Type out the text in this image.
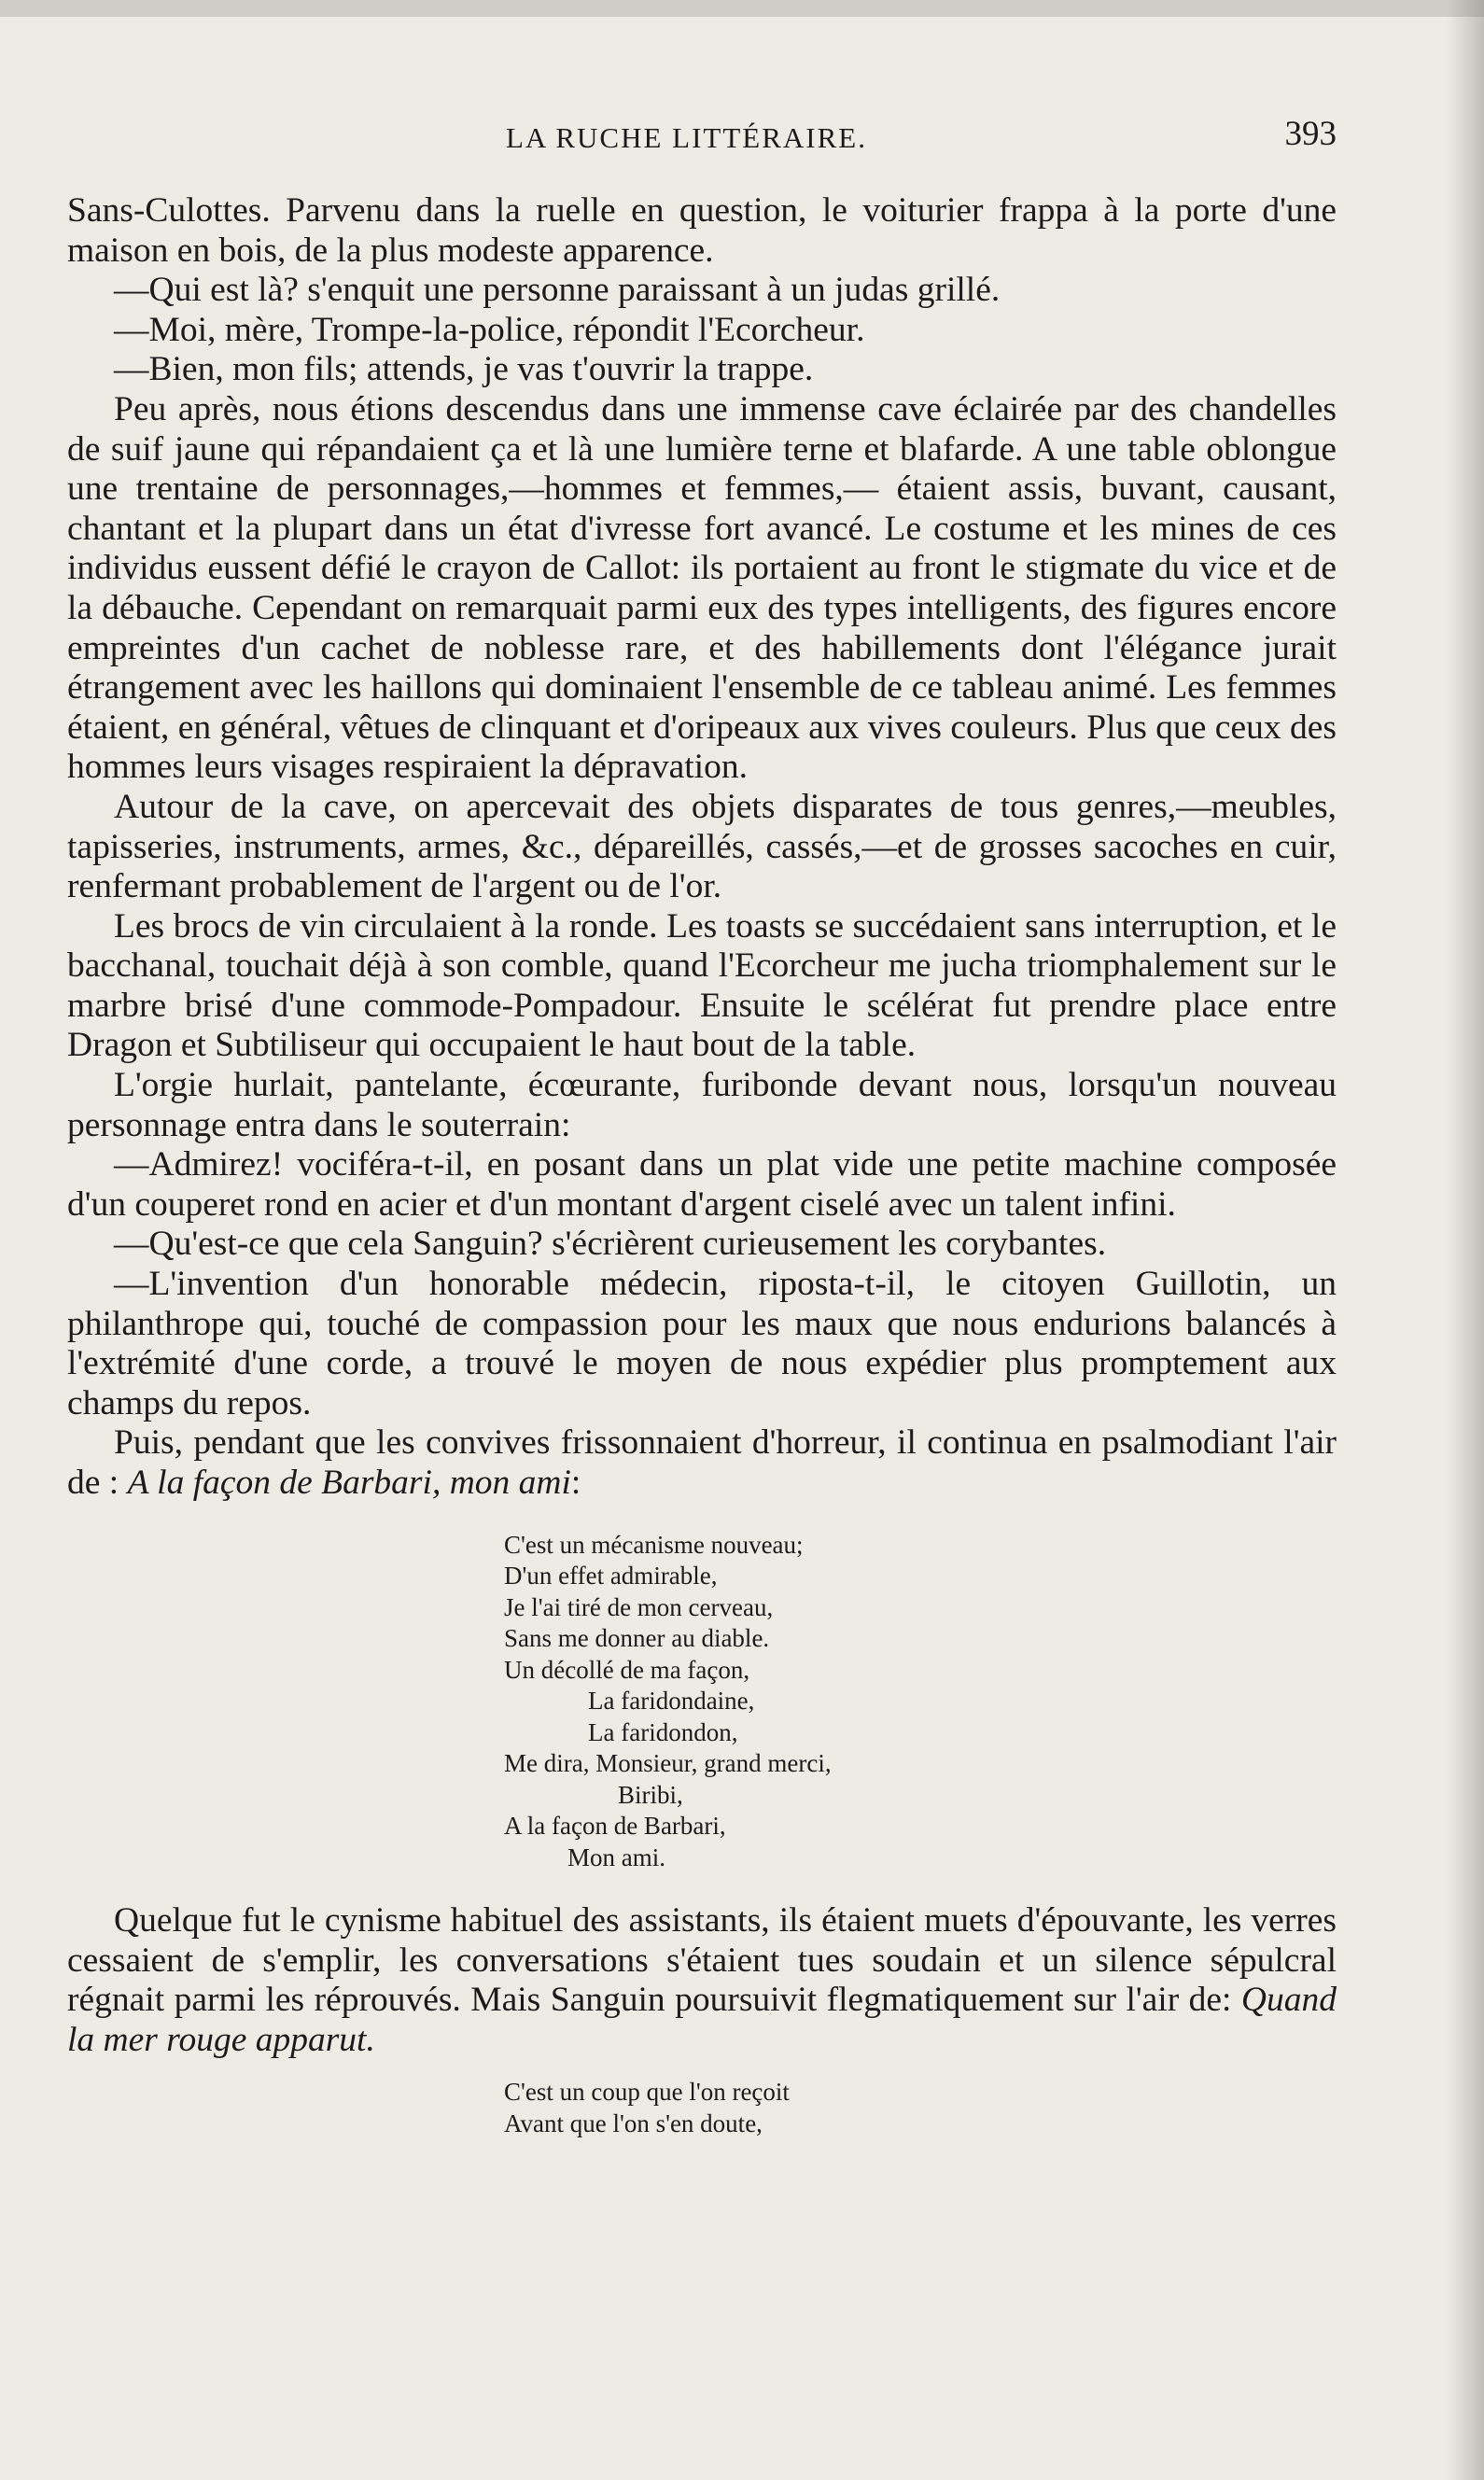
LA RUCHE LITTÉRAIRE.	393

Sans-Culottes. Parvenu dans la ruelle en question, le voiturier frappa à la porte d'une maison en bois, de la plus modeste apparence.

—Qui est là? s'enquit une personne paraissant à un judas grillé.

—Moi, mère, Trompe-la-police, répondit l'Ecorcheur.

—Bien, mon fils; attends, je vas t'ouvrir la trappe.

Peu après, nous étions descendus dans une immense cave éclairée par des chandelles de suif jaune qui répandaient ça et là une lumière terne et blafarde. A une table oblongue une trentaine de personnages,—hommes et femmes,— étaient assis, buvant, causant, chantant et la plupart dans un état d'ivresse fort avancé. Le costume et les mines de ces individus eussent défié le crayon de Callot: ils portaient au front le stigmate du vice et de la débauche. Cependant on remarquait parmi eux des types intelligents, des figures encore empreintes d'un cachet de noblesse rare, et des habillements dont l'élégance jurait étrangement avec les haillons qui dominaient l'ensemble de ce tableau animé. Les femmes étaient, en général, vêtues de clinquant et d'oripeaux aux vives couleurs. Plus que ceux des hommes leurs visages respiraient la dépravation.

Autour de la cave, on apercevait des objets disparates de tous genres,—meubles, tapisseries, instruments, armes, &c., dépareillés, cassés,—et de grosses sacoches en cuir, renfermant probablement de l'argent ou de l'or.

Les brocs de vin circulaient à la ronde. Les toasts se succédaient sans interruption, et le bacchanal, touchait déjà à son comble, quand l'Ecorcheur me jucha triomphalement sur le marbre brisé d'une commode-Pompadour. Ensuite le scélérat fut prendre place entre Dragon et Subtiliseur qui occupaient le haut bout de la table.

L'orgie hurlait, pantelante, écœurante, furibonde devant nous, lorsqu'un nouveau personnage entra dans le souterrain:

—Admirez! vociféra-t-il, en posant dans un plat vide une petite machine composée d'un couperet rond en acier et d'un montant d'argent ciselé avec un talent infini.

—Qu'est-ce que cela Sanguin? s'écrièrent curieusement les corybantes.

—L'invention d'un honorable médecin, riposta-t-il, le citoyen Guillotin, un philanthrope qui, touché de compassion pour les maux que nous endurions balancés à l'extrémité d'une corde, a trouvé le moyen de nous expédier plus promptement aux champs du repos.

Puis, pendant que les convives frissonnaient d'horreur, il continua en psalmodiant l'air de : A la façon de Barbari, mon ami:

C'est un mécanisme nouveau;
D'un effet admirable,
Je l'ai tiré de mon cerveau,
Sans me donner au diable.
Un décollé de ma façon,
La faridondaine,
La faridondon,
Me dira, Monsieur, grand merci,
Biribi,
A la façon de Barbari,
Mon ami.

Quelque fut le cynisme habituel des assistants, ils étaient muets d'épouvante, les verres cessaient de s'emplir, les conversations s'étaient tues soudain et un silence sépulcral régnait parmi les réprouvés. Mais Sanguin poursuivit flegmatiquement sur l'air de: Quand la mer rouge apparut.

C'est un coup que l'on reçoit
Avant que l'on s'en doute,
